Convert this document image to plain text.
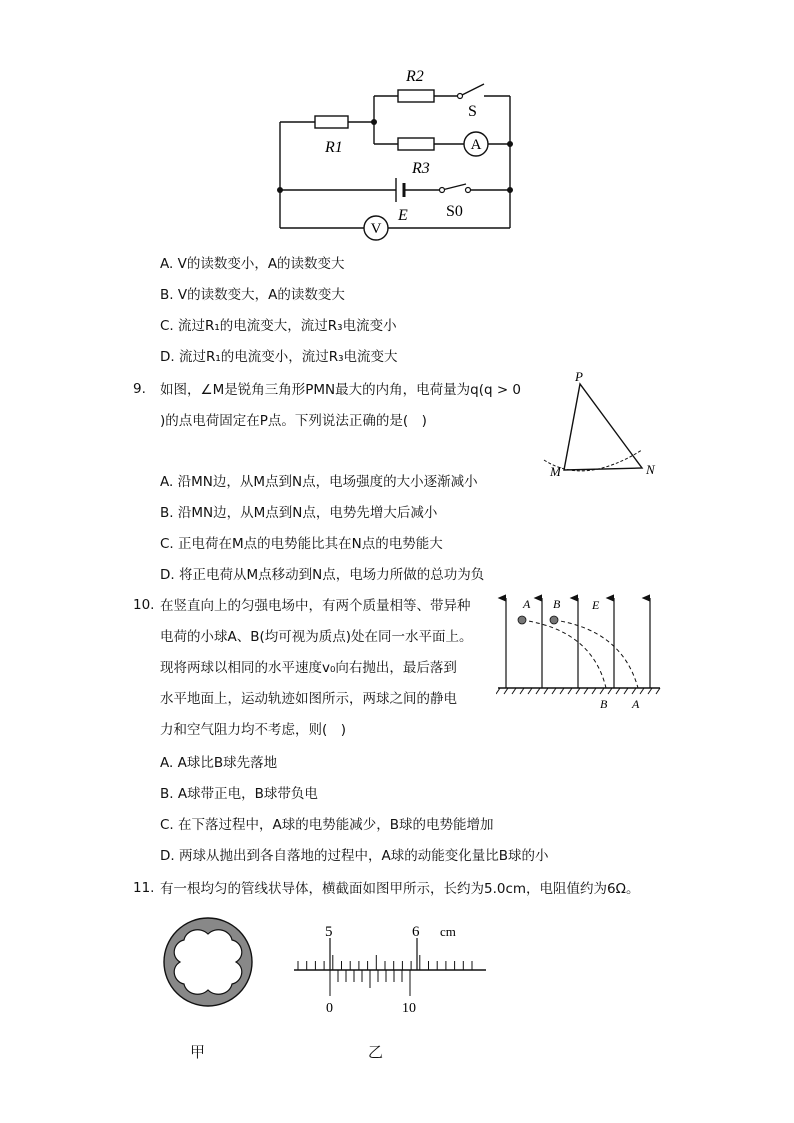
A
V
R1
R2
R3
S
S0
E
A. V的读数变小，A的读数变大
B. V的读数变大，A的读数变大
C. 流过R₁的电流变大，流过R₃电流变小
D. 流过R₁的电流变小，流过R₃电流变大
9. 如图，∠M是锐角三角形PMN最大的内角，电荷量为q(q > 0
)的点电荷固定在P点。下列说法正确的是(　)
P
M	N
A. 沿MN边，从M点到N点，电场强度的大小逐渐减小
B. 沿MN边，从M点到N点，电势先增大后减小
C. 正电荷在M点的电势能比其在N点的电势能大
D. 将正电荷从M点移动到N点，电场力所做的总功为负
10. 在竖直向上的匀强电场中，有两个质量相等、带异种
电荷的小球A、B(均可视为质点)处在同一水平面上。
现将两球以相同的水平速度v₀向右抛出，最后落到
水平地面上，运动轨迹如图所示，两球之间的静电
力和空气阻力均不考虑，则(　)
A B	E
B A
A. A球比B球先落地
B. A球带正电，B球带负电
C. 在下落过程中，A球的电势能减少，B球的电势能增加
D. 两球从抛出到各自落地的过程中，A球的动能变化量比B球的小
11. 有一根均匀的管线状导体，横截面如图甲所示，长约为5.0cm，电阻值约为6Ω。
甲
5	6 cm
0	10
乙
